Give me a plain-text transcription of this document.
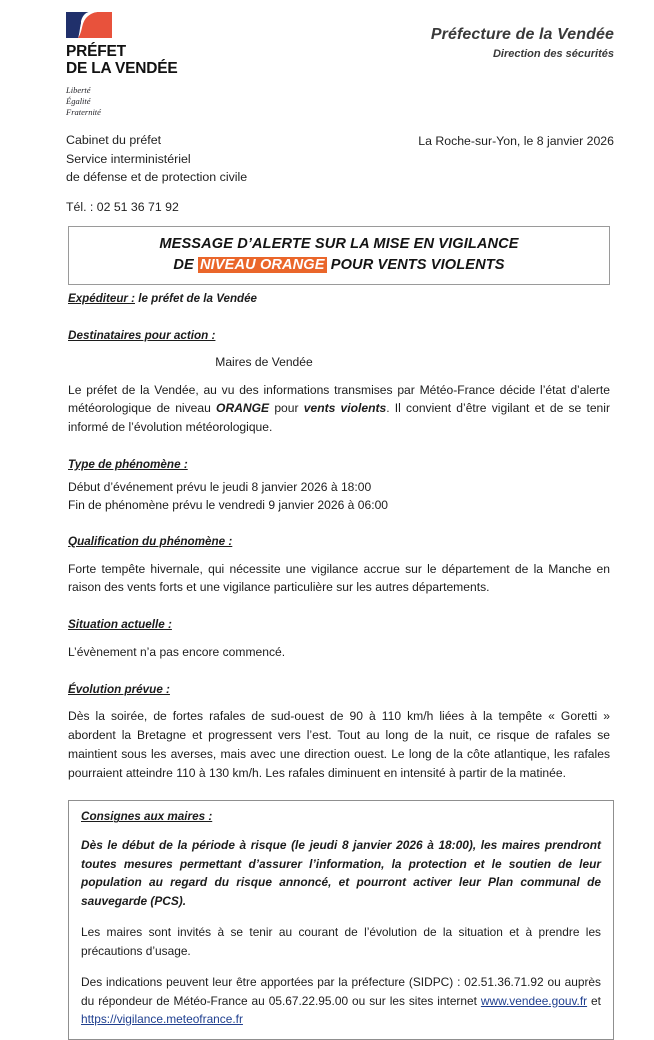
PRÉFET
DE LA VENDÉE
Liberté
Égalité
Fraternité
Préfecture de la Vendée
Direction des sécurités
Cabinet du préfet
Service interministériel
de défense et de protection civile
La Roche-sur-Yon, le 8 janvier 2026
Tél. : 02 51 36 71 92
MESSAGE D’ALERTE SUR LA MISE EN VIGILANCE
DE NIVEAU ORANGE POUR VENTS VIOLENTS
Expéditeur : le préfet de la Vendée
Destinataires pour action :
Maires de Vendée

Le préfet de la Vendée, au vu des informations transmises par Météo-France décide l’état d’alerte météorologique de niveau ORANGE pour vents violents. Il convient d’être vigilant et de se tenir informé de l’évolution météorologique.

Type de phénomène :
Début d’événement prévu le jeudi 8 janvier 2026 à 18:00
Fin de phénomène prévu le vendredi 9 janvier 2026 à 06:00
Qualification du phénomène :

Forte tempête hivernale, qui nécessite une vigilance accrue sur le département de la Manche en raison des vents forts et une vigilance particulière sur les autres départements.

Situation actuelle :

L’évènement n’a pas encore commencé.

Évolution prévue :

Dès la soirée, de fortes rafales de sud-ouest de 90 à 110 km/h liées à la tempête « Goretti » abordent la Bretagne et progressent vers l’est. Tout au long de la nuit, ce risque de rafales se maintient sous les averses, mais avec une direction ouest. Le long de la côte atlantique, les rafales pourraient atteindre 110 à 130 km/h. Les rafales diminuent en intensité à partir de la matinée.

Consignes aux maires :

Dès le début de la période à risque (le jeudi 8 janvier 2026 à 18:00), les maires prendront toutes mesures permettant d’assurer l’information, la protection et le soutien de leur population au regard du risque annoncé, et pourront activer leur Plan communal de sauvegarde (PCS).

Les maires sont invités à se tenir au courant de l’évolution de la situation et à prendre les précautions d’usage.

Des indications peuvent leur être apportées par la préfecture (SIDPC) : 02.51.36.71.92 ou auprès du répondeur de Météo-France au 05.67.22.95.00 ou sur les sites internet www.vendee.gouv.fr et https://vigilance.meteofrance.fr
